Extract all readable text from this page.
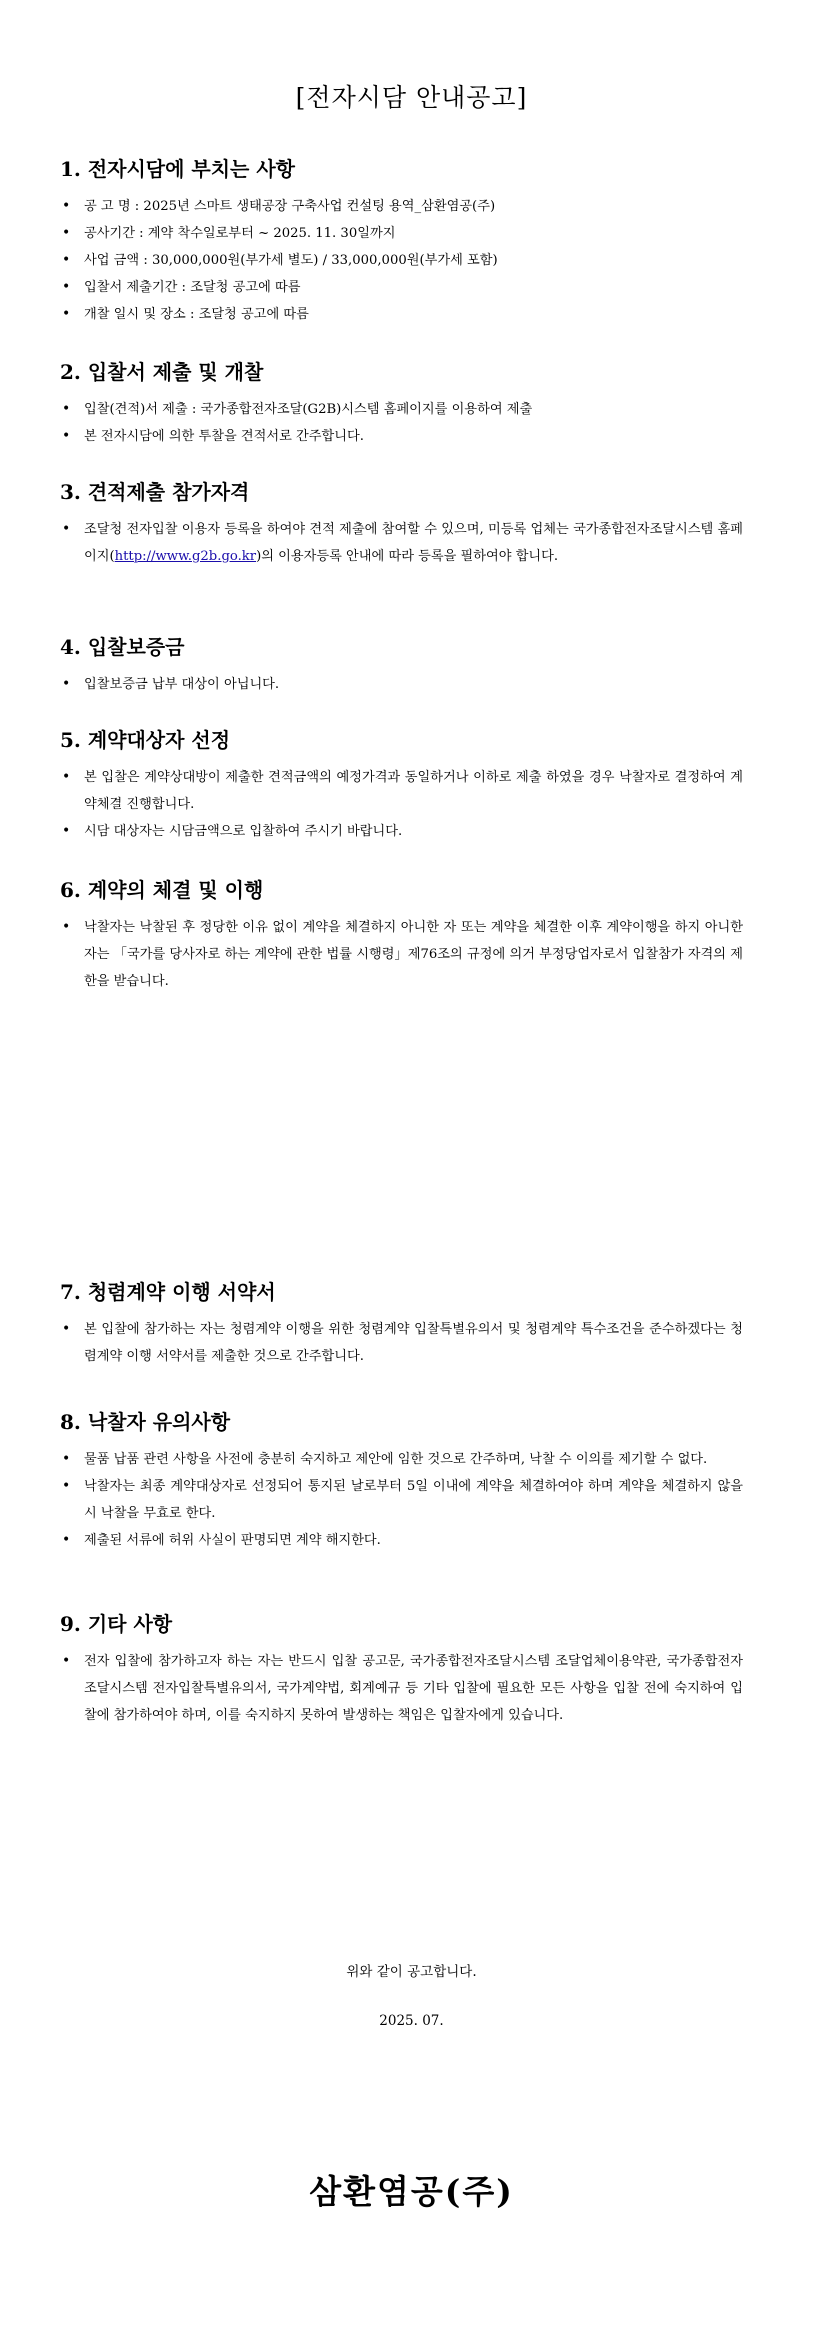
[전자시담 안내공고]
1. 전자시담에 부치는 사항
• 공 고 명 : 2025년 스마트 생태공장 구축사업 컨설팅 용역_삼환염공(주)
• 공사기간 : 계약 착수일로부터 ~ 2025. 11. 30일까지
• 사업 금액 : 30,000,000원(부가세 별도) / 33,000,000원(부가세 포함)
• 입찰서 제출기간 : 조달청 공고에 따름
• 개찰 일시 및 장소 : 조달청 공고에 따름
2. 입찰서 제출 및 개찰
• 입찰(견적)서 제출 : 국가종합전자조달(G2B)시스템 홈페이지를 이용하여 제출
• 본 전자시담에 의한 투찰을 견적서로 간주합니다.
3. 견적제출 참가자격
• 조달청 전자입찰 이용자 등록을 하여야 견적 제출에 참여할 수 있으며, 미등록 업체는 국가종합전자조달시스템 홈페이지(http://www.g2b.go.kr)의 이용자등록 안내에 따라 등록을 필하여야 합니다.
4. 입찰보증금
• 입찰보증금 납부 대상이 아닙니다.
5. 계약대상자 선정
• 본 입찰은 계약상대방이 제출한 견적금액의 예정가격과 동일하거나 이하로 제출 하였을 경우 낙찰자로 결정하여 계약체결 진행합니다.
• 시담 대상자는 시담금액으로 입찰하여 주시기 바랍니다.
6. 계약의 체결 및 이행
• 낙찰자는 낙찰된 후 정당한 이유 없이 계약을 체결하지 아니한 자 또는 계약을 체결한 이후 계약이행을 하지 아니한 자는 「국가를 당사자로 하는 계약에 관한 법률 시행령」제76조의 규정에 의거 부정당업자로서 입찰참가 자격의 제한을 받습니다.
7. 청렴계약 이행 서약서
• 본 입찰에 참가하는 자는 청렴계약 이행을 위한 청렴계약 입찰특별유의서 및 청렴계약 특수조건을 준수하겠다는 청렴계약 이행 서약서를 제출한 것으로 간주합니다.
8. 낙찰자 유의사항
• 물품 납품 관련 사항을 사전에 충분히 숙지하고 제안에 임한 것으로 간주하며, 낙찰 수 이의를 제기할 수 없다.
• 낙찰자는 최종 계약대상자로 선정되어 통지된 날로부터 5일 이내에 계약을 체결하여야 하며 계약을 체결하지 않을 시 낙찰을 무효로 한다.
• 제출된 서류에 허위 사실이 판명되면 계약 해지한다.
9. 기타 사항
• 전자 입찰에 참가하고자 하는 자는 반드시 입찰 공고문, 국가종합전자조달시스템 조달업체이용약관, 국가종합전자조달시스템 전자입찰특별유의서, 국가계약법, 회계예규 등 기타 입찰에 필요한 모든 사항을 입찰 전에 숙지하여 입찰에 참가하여야 하며, 이를 숙지하지 못하여 발생하는 책임은 입찰자에게 있습니다.
위와 같이 공고합니다.
2025. 07.
삼환염공(주)
